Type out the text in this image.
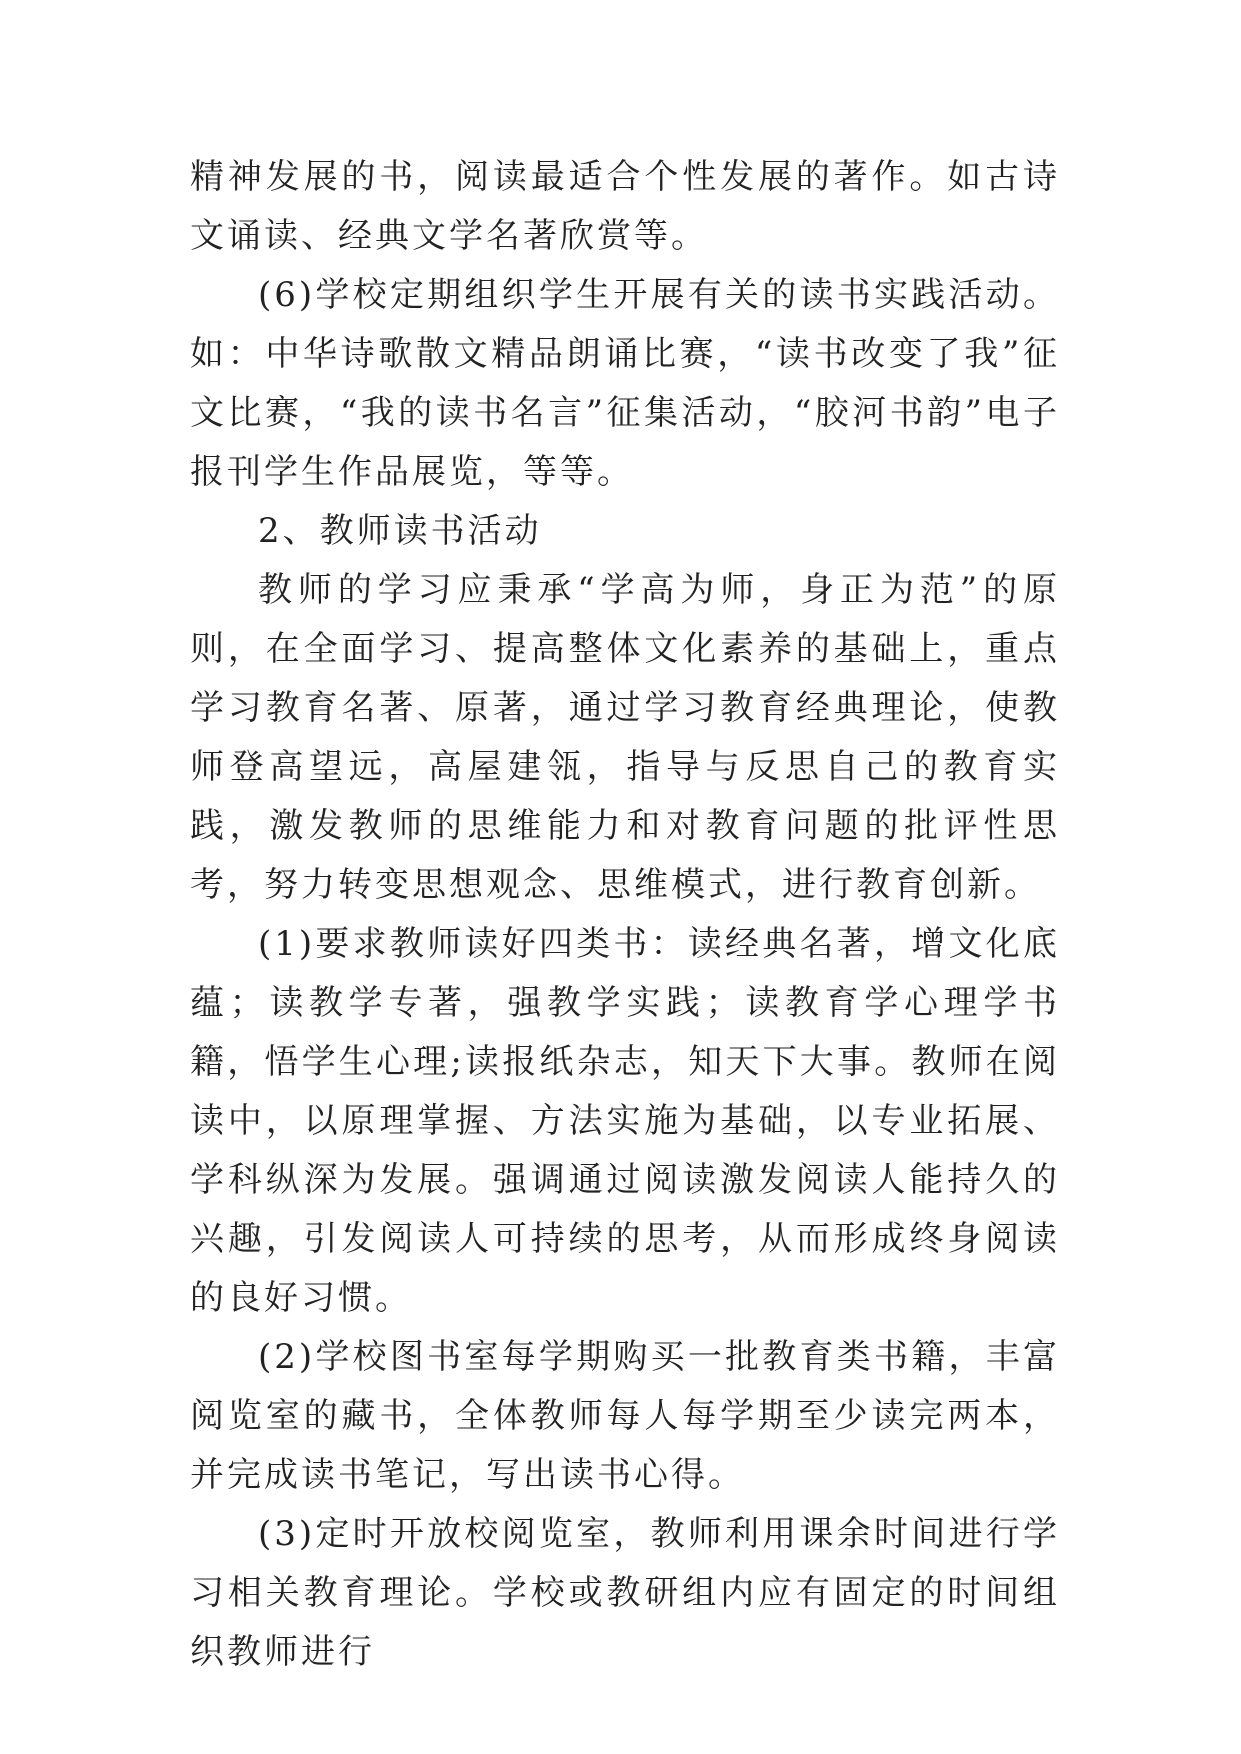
精神发展的书，阅读最适合个性发展的著作。如古诗文诵读、经典文学名著欣赏等。

(6)学校定期组织学生开展有关的读书实践活动。如：中华诗歌散文精品朗诵比赛，“读书改变了我”征文比赛，“我的读书名言”征集活动，“胶河书韵”电子报刊学生作品展览，等等。

2、教师读书活动

教师的学习应秉承“学高为师，身正为范”的原则，在全面学习、提高整体文化素养的基础上，重点学习教育名著、原著，通过学习教育经典理论，使教师登高望远，高屋建瓴，指导与反思自己的教育实践，激发教师的思维能力和对教育问题的批评性思考，努力转变思想观念、思维模式，进行教育创新。

(1)要求教师读好四类书：读经典名著，增文化底蕴；读教学专著，强教学实践；读教育学心理学书籍，悟学生心理;读报纸杂志，知天下大事。教师在阅读中，以原理掌握、方法实施为基础，以专业拓展、学科纵深为发展。强调通过阅读激发阅读人能持久的兴趣，引发阅读人可持续的思考，从而形成终身阅读的良好习惯。

(2)学校图书室每学期购买一批教育类书籍，丰富阅览室的藏书，全体教师每人每学期至少读完两本，并完成读书笔记，写出读书心得。

(3)定时开放校阅览室，教师利用课余时间进行学习相关教育理论。学校或教研组内应有固定的时间组织教师进行
